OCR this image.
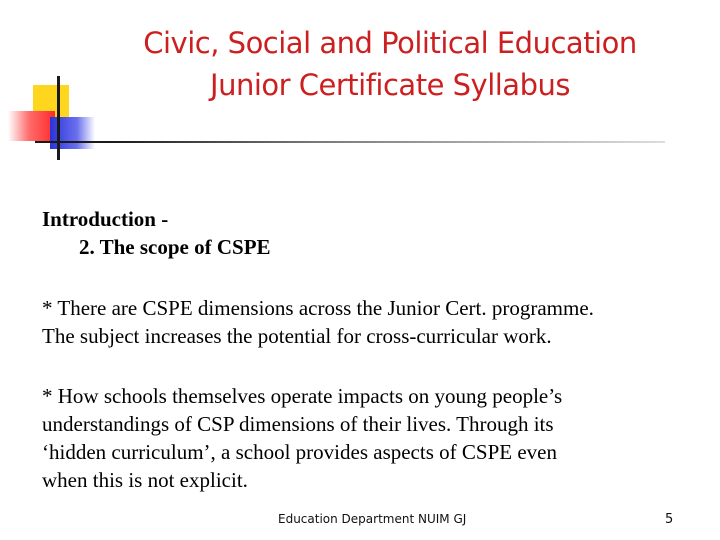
Civic, Social and Political Education
Junior Certificate Syllabus
Introduction -
2. The scope of CSPE
* There are CSPE dimensions across the Junior Cert. programme.
The subject increases the potential for cross-curricular work.
* How schools themselves operate impacts on young people’s
understandings of CSP dimensions of their lives. Through its
‘hidden curriculum’, a school provides aspects of CSPE even
when this is not explicit.
Education Department NUIM GJ	5
